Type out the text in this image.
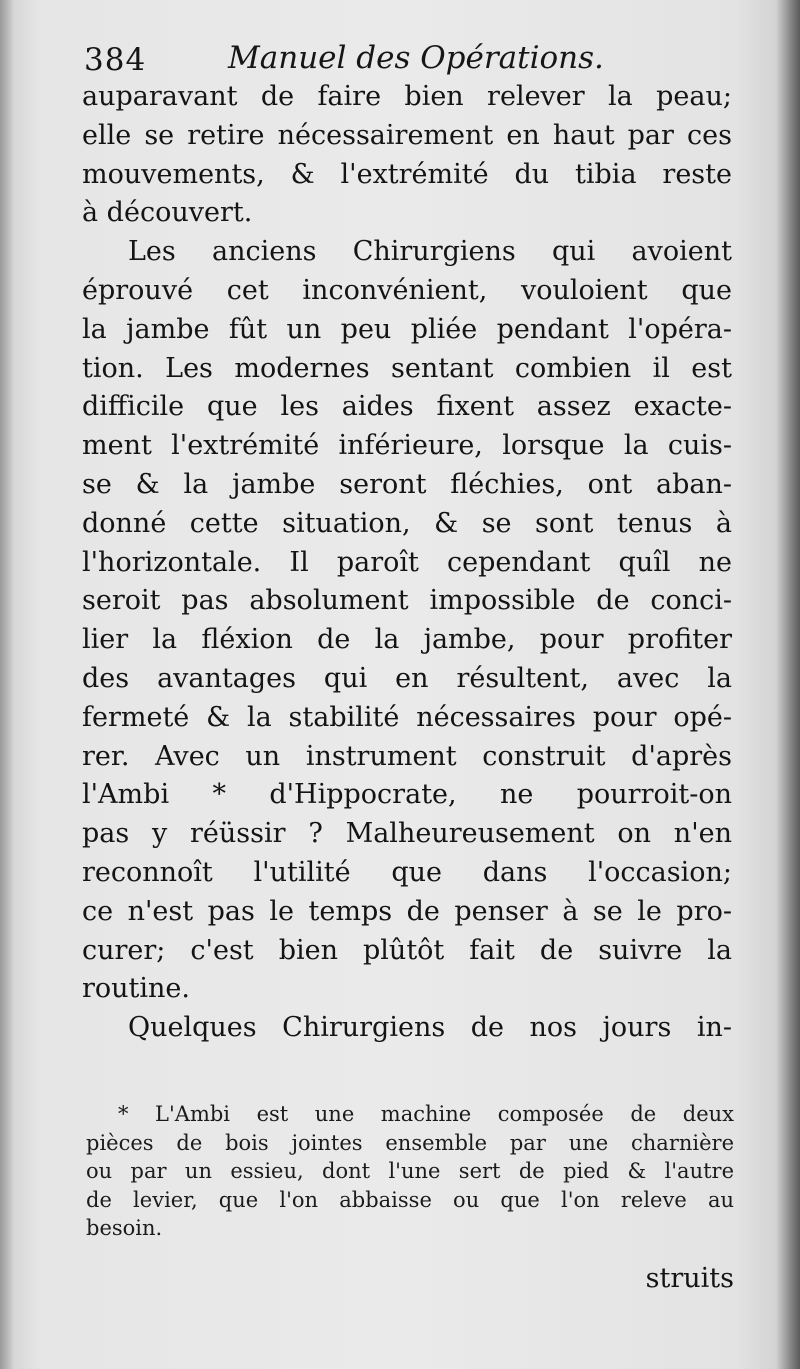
384	Manuel des Opérations.
auparavant de faire bien relever la peau;
elle se retire nécessairement en haut par ces
mouvements, & l'extrémité du tibia reste
à découvert.
Les anciens Chirurgiens qui avoient
éprouvé cet inconvénient, vouloient que
la jambe fût un peu pliée pendant l'opéra-
tion. Les modernes sentant combien il est
difficile que les aides fixent assez exacte-
ment l'extrémité inférieure, lorsque la cuis-
se & la jambe seront fléchies, ont aban-
donné cette situation, & se sont tenus à
l'horizontale. Il paroît cependant quîl ne
seroit pas absolument impossible de conci-
lier la fléxion de la jambe, pour profiter
des avantages qui en résultent, avec la
fermeté & la stabilité nécessaires pour opé-
rer. Avec un instrument construit d'après
l'Ambi * d'Hippocrate, ne pourroit-on
pas y réüssir ? Malheureusement on n'en
reconnoît l'utilité que dans l'occasion;
ce n'est pas le temps de penser à se le pro-
curer; c'est bien plûtôt fait de suivre la
routine.
Quelques Chirurgiens de nos jours in-
* L'Ambi est une machine composée de deux
pièces de bois jointes ensemble par une charnière
ou par un essieu, dont l'une sert de pied & l'autre
de levier, que l'on abbaisse ou que l'on releve au
besoin.
struits
